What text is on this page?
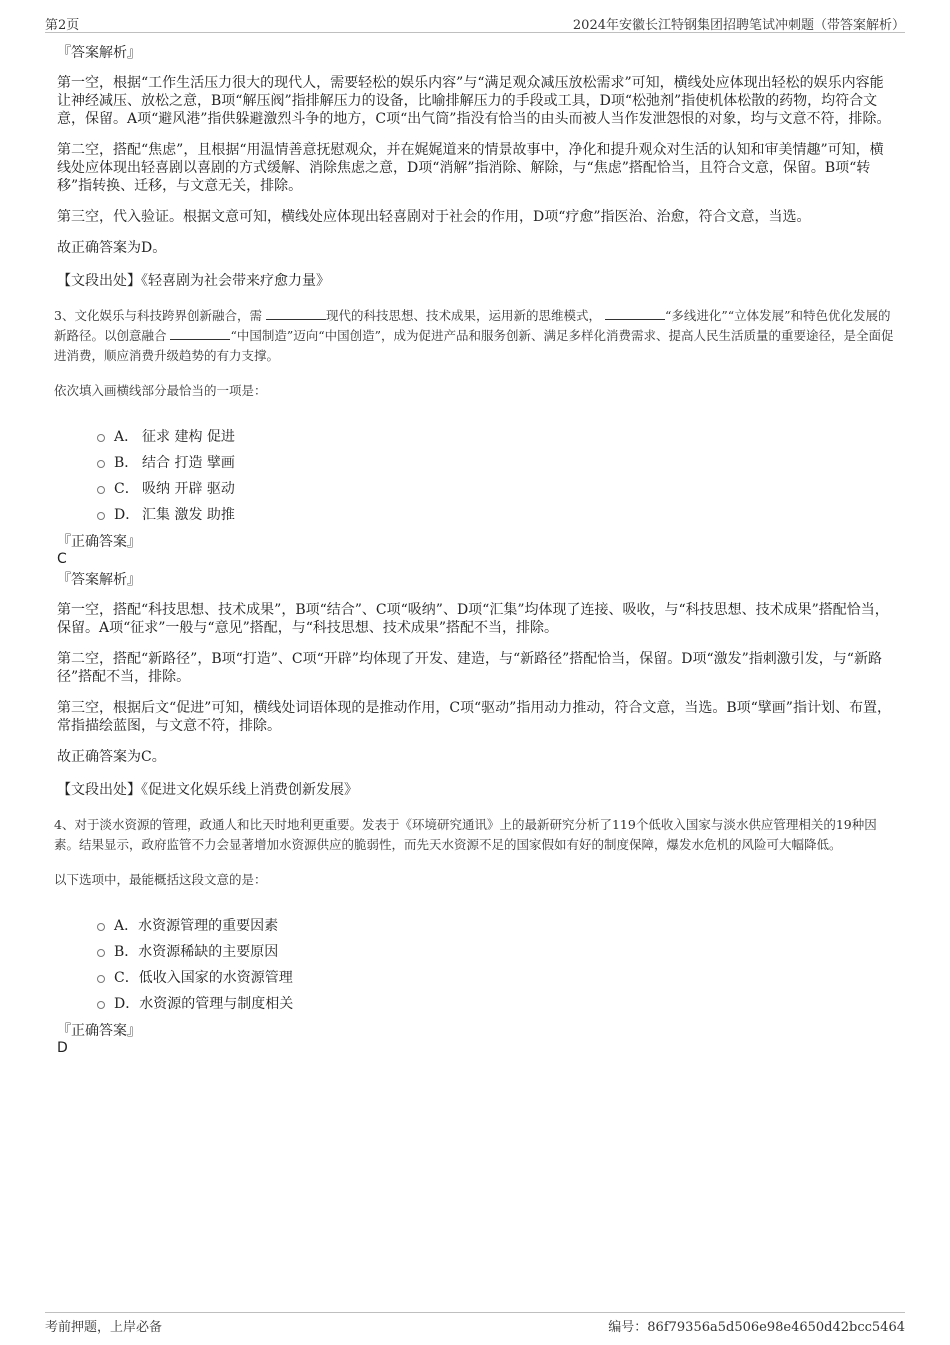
第2页	2024年安徽长江特钢集团招聘笔试冲刺题（带答案解析）
『答案解析』

第一空，根据“工作生活压力很大的现代人，需要轻松的娱乐内容”与“满足观众减压放松需求”可知，横线处应体现出轻松的娱乐内容能让神经减压、放松之意，B项“解压阀”指排解压力的设备，比喻排解压力的手段或工具，D项“松弛剂”指使机体松散的药物，均符合文意，保留。A项“避风港”指供躲避激烈斗争的地方，C项“出气筒”指没有恰当的由头而被人当作发泄怨恨的对象，均与文意不符，排除。

第二空，搭配“焦虑”，且根据“用温情善意抚慰观众，并在娓娓道来的情景故事中，净化和提升观众对生活的认知和审美情趣”可知，横线处应体现出轻喜剧以喜剧的方式缓解、消除焦虑之意，D项“消解”指消除、解除，与“焦虑”搭配恰当，且符合文意，保留。B项“转移”指转换、迁移，与文意无关，排除。

第三空，代入验证。根据文意可知，横线处应体现出轻喜剧对于社会的作用，D项“疗愈”指医治、治愈，符合文意，当选。

故正确答案为D。

【文段出处】《轻喜剧为社会带来疗愈力量》
3、文化娱乐与科技跨界创新融合，需	现代的科技思想、技术成果，运用新的思维模式，	“多线进化”“立体发展”和特色优化发展的新路径。以创意融合	“中国制造”迈向“中国创造”，成为促进产品和服务创新、满足多样化消费需求、提高人民生活质量的重要途径，是全面促进消费，顺应消费升级趋势的有力支撑。
依次填入画横线部分最恰当的一项是：
A． 征求 建构 促进
B． 结合 打造 擘画
C． 吸纳 开辟 驱动
D． 汇集 激发 助推
『正确答案』
C
『答案解析』

第一空，搭配“科技思想、技术成果”，B项“结合”、C项“吸纳”、D项“汇集”均体现了连接、吸收，与“科技思想、技术成果”搭配恰当，保留。A项“征求”一般与“意见”搭配，与“科技思想、技术成果”搭配不当，排除。

第二空，搭配“新路径”，B项“打造”、C项“开辟”均体现了开发、建造，与“新路径”搭配恰当，保留。D项“激发”指刺激引发，与“新路径”搭配不当，排除。

第三空，根据后文“促进”可知，横线处词语体现的是推动作用，C项“驱动”指用动力推动，符合文意，当选。B项“擘画”指计划、布置，常指描绘蓝图，与文意不符，排除。

故正确答案为C。

【文段出处】《促进文化娱乐线上消费创新发展》
4、对于淡水资源的管理，政通人和比天时地利更重要。发表于《环境研究通讯》上的最新研究分析了119个低收入国家与淡水供应管理相关的19种因素。结果显示，政府监管不力会显著增加水资源供应的脆弱性，而先天水资源不足的国家假如有好的制度保障，爆发水危机的风险可大幅降低。
以下选项中，最能概括这段文意的是：
A． 水资源管理的重要因素
B． 水资源稀缺的主要原因
C． 低收入国家的水资源管理
D． 水资源的管理与制度相关
『正确答案』
D
考前押题，上岸必备	编号：86f79356a5d506e98e4650d42bcc5464
